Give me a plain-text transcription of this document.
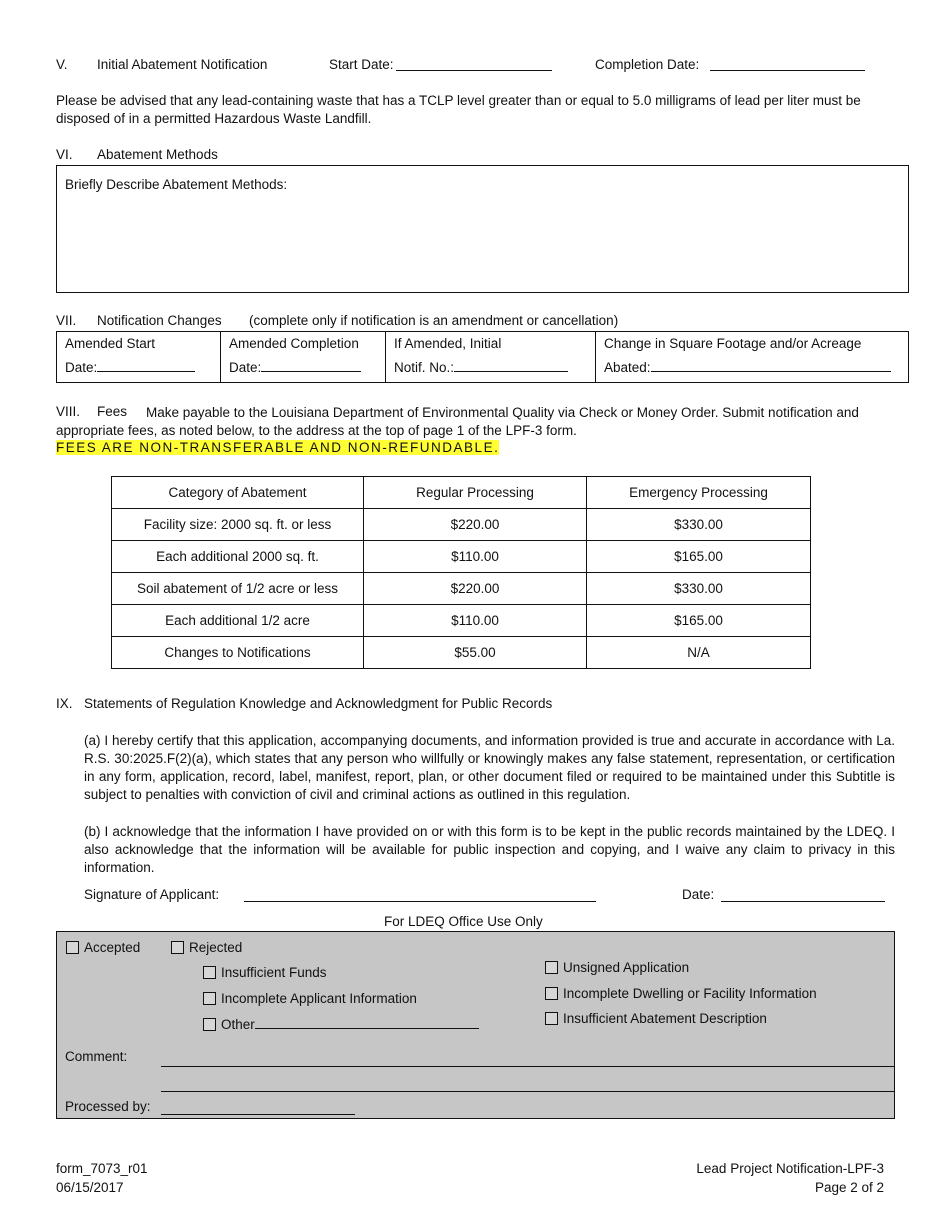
V. Initial Abatement Notification	Start Date:	Completion Date:
Please be advised that any lead-containing waste that has a TCLP level greater than or equal to 5.0 milligrams of lead per liter must be disposed of in a permitted Hazardous Waste Landfill.
VI. Abatement Methods
Briefly Describe Abatement Methods:
VII. Notification Changes (complete only if notification is an amendment or cancellation)
Amended Start
Date:

Amended Completion
Date:

If Amended, Initial
Notif. No.:

Change in Square Footage and/or Acreage
Abated:
VIII. Fees	Make payable to the Louisiana Department of Environmental Quality via Check or Money Order. Submit notification and appropriate fees, as noted below, to the address at the top of page 1 of the LPF-3 form.
FEES ARE NON-TRANSFERABLE AND NON-REFUNDABLE.
Category of Abatement	Regular Processing	Emergency Processing
Facility size: 2000 sq. ft. or less	$220.00	$330.00
Each additional 2000 sq. ft.	$110.00	$165.00
Soil abatement of 1/2 acre or less	$220.00	$330.00
Each additional 1/2 acre	$110.00	$165.00
Changes to Notifications	$55.00	N/A
IX. Statements of Regulation Knowledge and Acknowledgment for Public Records
(a) I hereby certify that this application, accompanying documents, and information provided is true and accurate in accordance with La. R.S. 30:2025.F(2)(a), which states that any person who willfully or knowingly makes any false statement, representation, or certification in any form, application, record, label, manifest, report, plan, or other document filed or required to be maintained under this Subtitle is subject to penalties with conviction of civil and criminal actions as outlined in this regulation.
(b) I acknowledge that the information I have provided on or with this form is to be kept in the public records maintained by the LDEQ. I also acknowledge that the information will be available for public inspection and copying, and I waive any claim to privacy in this information.
Signature of Applicant:	Date:
For LDEQ Office Use Only
Accepted	Rejected
Insufficient Funds
Incomplete Applicant Information
Other
Unsigned Application
Incomplete Dwelling or Facility Information
Insufficient Abatement Description
Comment:
Processed by:
form_7073_r01
06/15/2017
Lead Project Notification-LPF-3
Page 2 of 2
